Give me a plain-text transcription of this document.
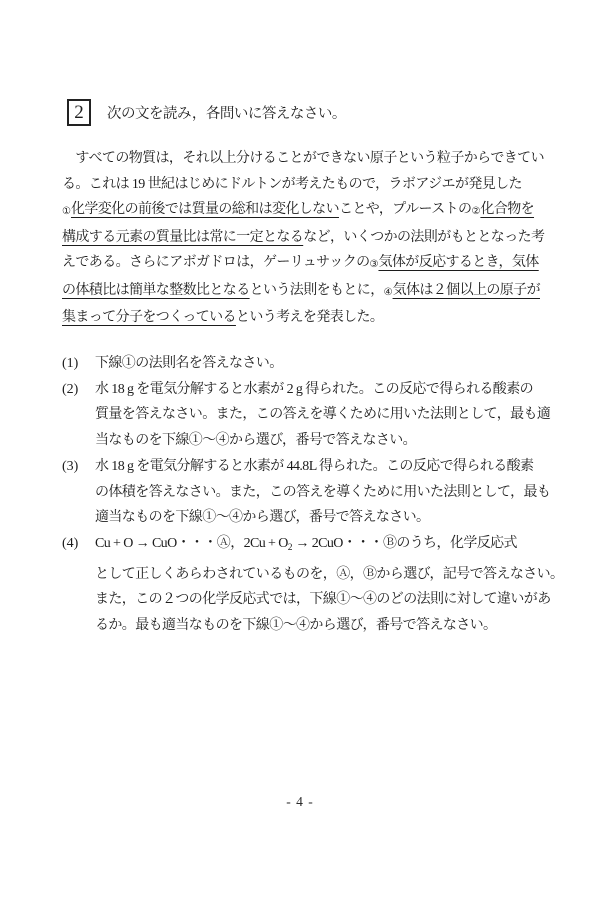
2 次の文を読み，各問いに答えなさい。
　すべての物質は，それ以上分けることができない原子という粒子からできてい
る。これは 19 世紀はじめにドルトンが考えたもので，ラボアジエが発見した
①化学変化の前後では質量の総和は変化しないことや，プルーストの②化合物を
構成する元素の質量比は常に一定となるなど，いくつかの法則がもととなった考
えである。さらにアボガドロは，ゲーリュサックの③気体が反応するとき，気体
の体積比は簡単な整数比となるという法則をもとに，④気体は２個以上の原子が
集まって分子をつくっているという考えを発表した。
(1) 下線①の法則名を答えなさい。
(2) 水 18 g を電気分解すると水素が 2 g 得られた。この反応で得られる酸素の
質量を答えなさい。また，この答えを導くために用いた法則として，最も適
当なものを下線①～④から選び，番号で答えなさい。
(3) 水 18 g を電気分解すると水素が 44.8L 得られた。この反応で得られる酸素
の体積を答えなさい。また，この答えを導くために用いた法則として，最も
適当なものを下線①～④から選び，番号で答えなさい。
(4) Cu + O → CuO・・・Ⓐ，$2Cu + O_2 \to 2CuO$・・・Ⓑのうち，化学反応式
として正しくあらわされているものを，Ⓐ，Ⓑから選び，記号で答えなさい。
また，この２つの化学反応式では，下線①～④のどの法則に対して違いがあ
るか。最も適当なものを下線①～④から選び，番号で答えなさい。
- 4 -
